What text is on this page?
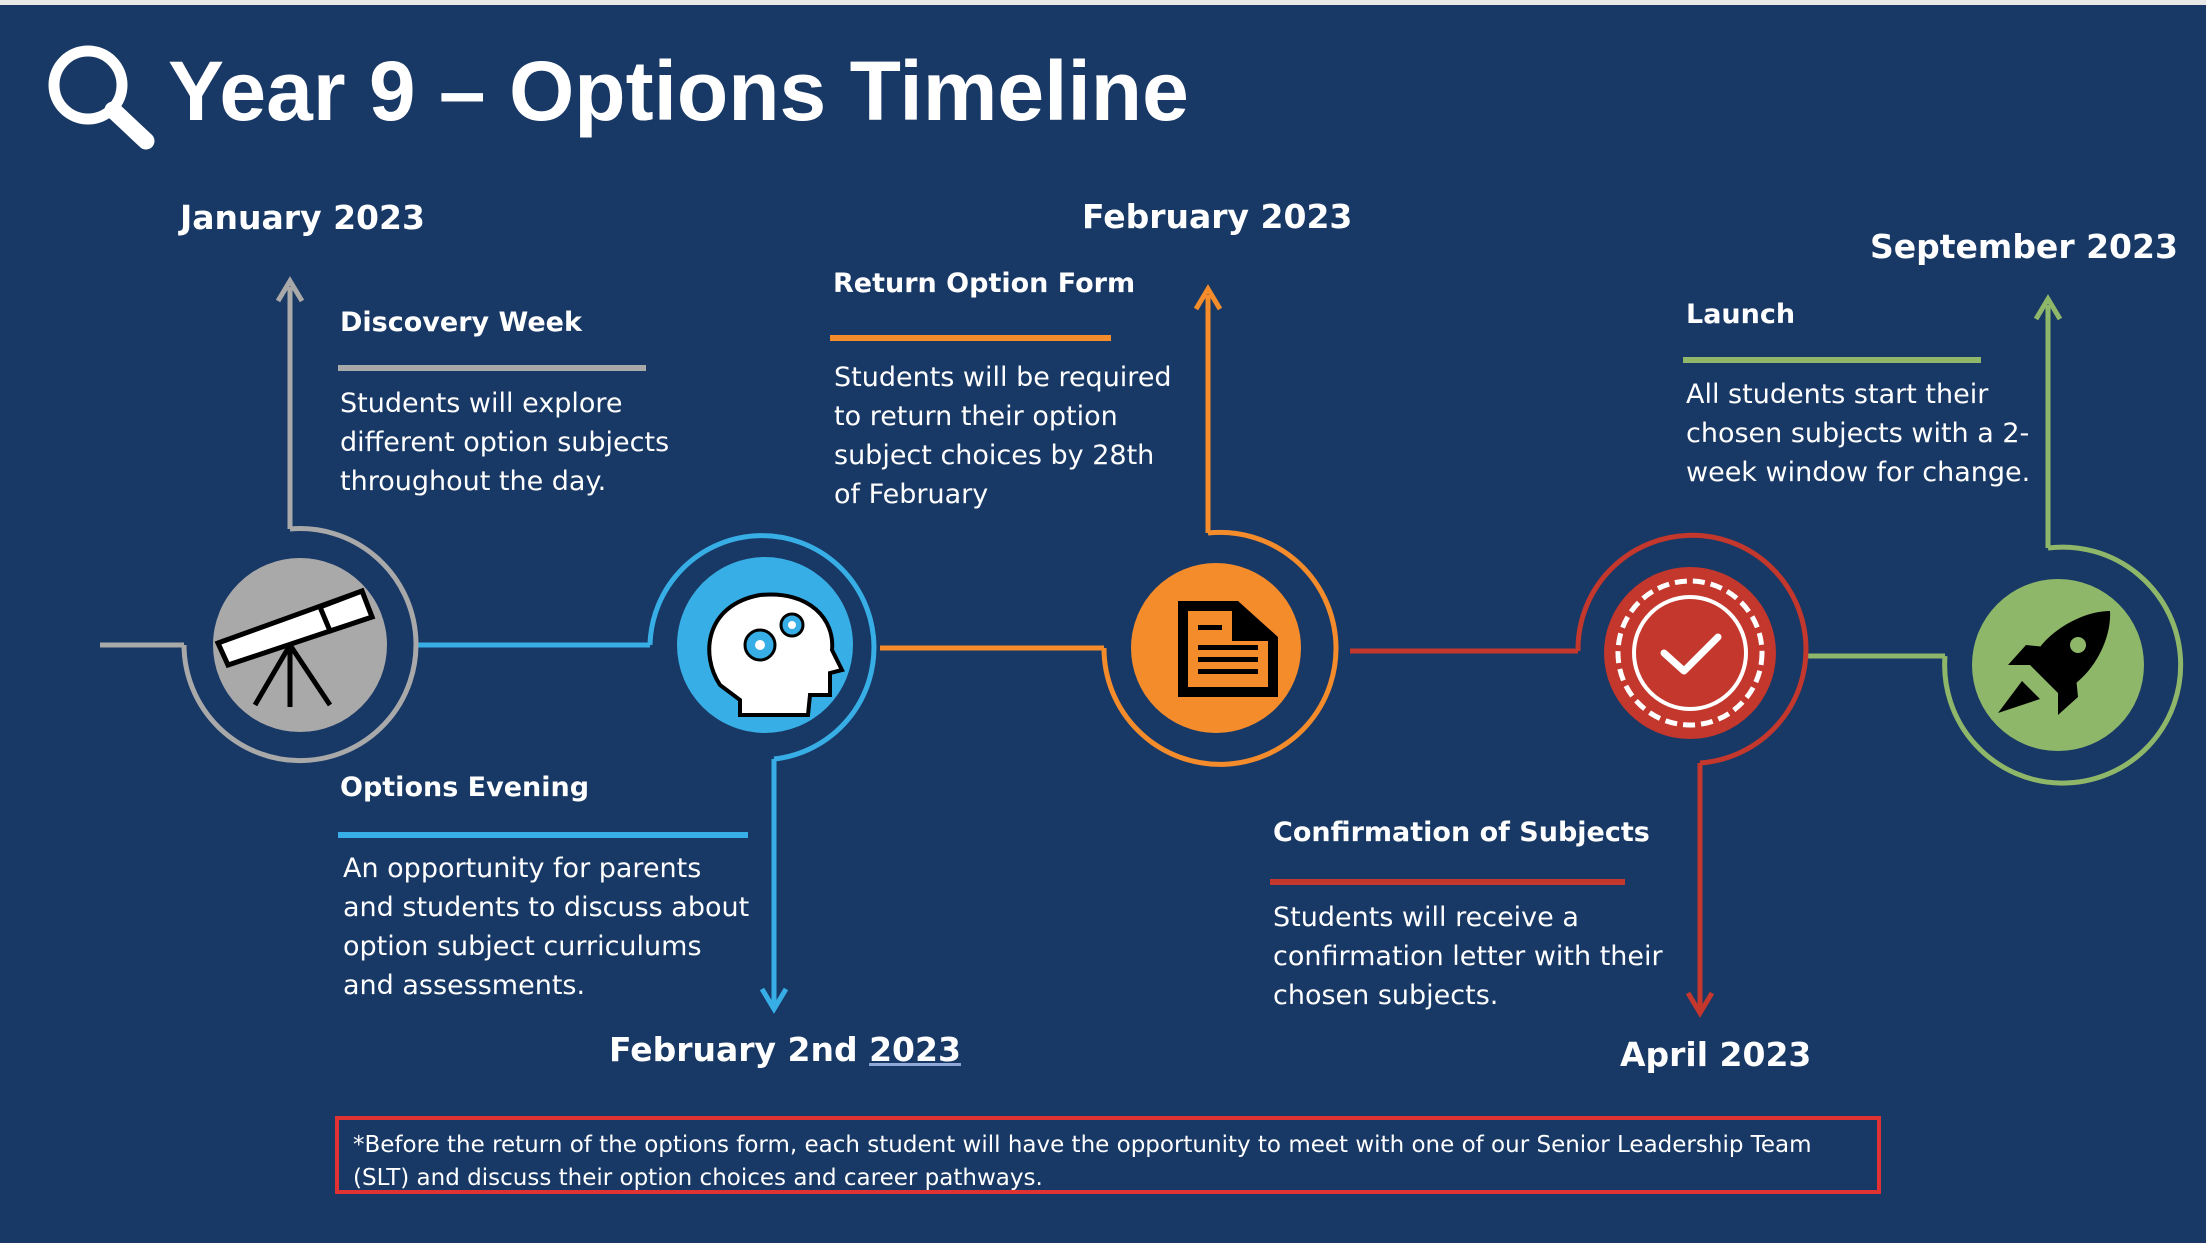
Year 9 – Options Timeline
January 2023
Discovery Week
Students will explore
different option subjects
throughout the day.
Options Evening
An opportunity for parents
and students to discuss about
option subject curriculums
and assessments.
February 2nd 2023
February 2023
Return Option Form
Students will be required
to return their option
subject choices by 28th
of February
Confirmation of Subjects
Students will receive a
confirmation letter with their
chosen subjects.
April 2023
September 2023
Launch
All students start their
chosen subjects with a 2-
week window for change.
*Before the return of the options form, each student will have the opportunity to meet with one of our Senior Leadership Team (SLT) and discuss their option choices and career pathways.
